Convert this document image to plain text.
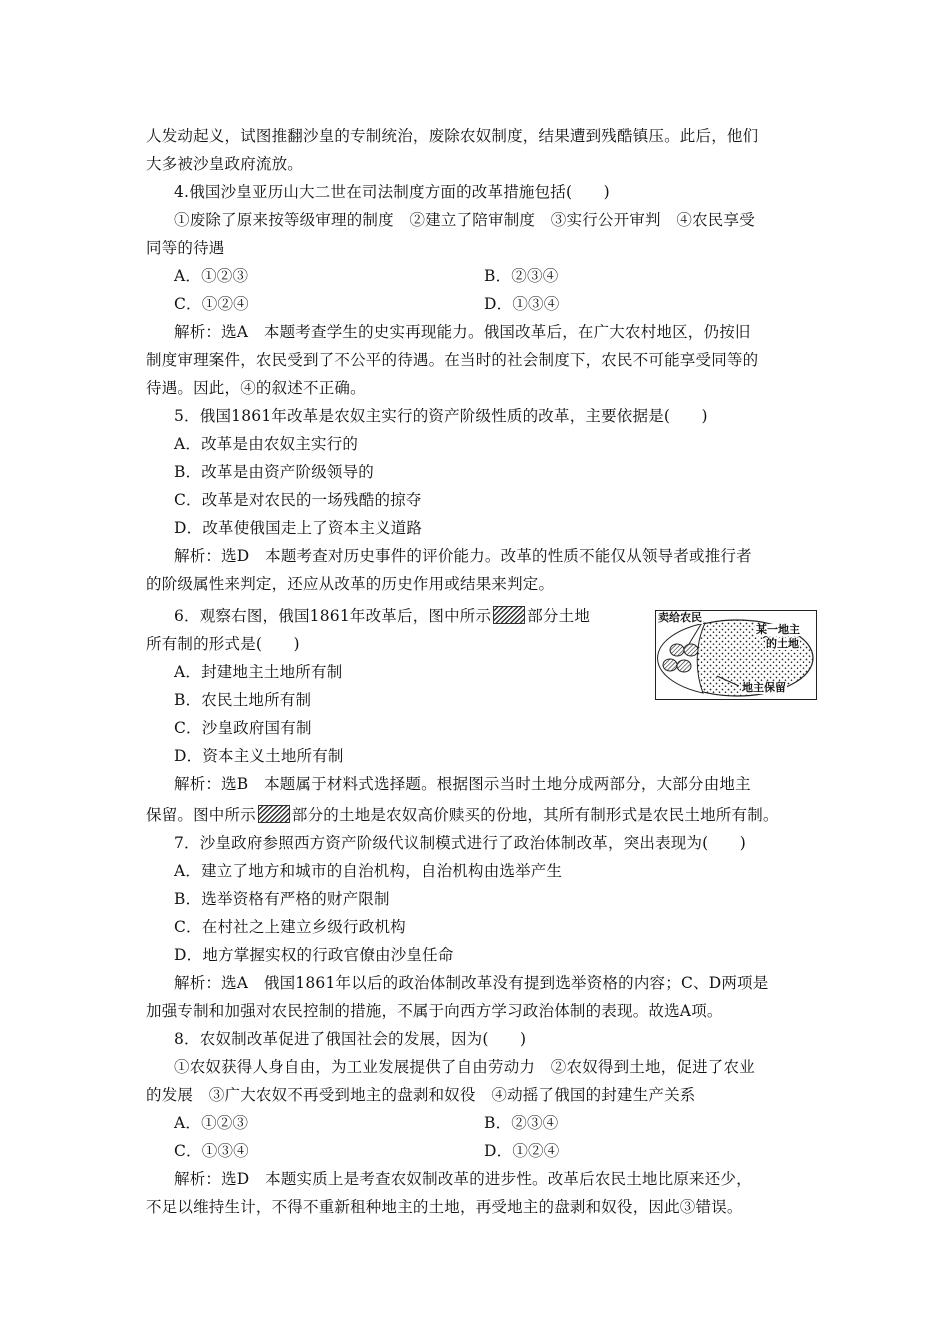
人发动起义，试图推翻沙皇的专制统治，废除农奴制度，结果遭到残酷镇压。此后，他们
大多被沙皇政府流放。
4.俄国沙皇亚历山大二世在司法制度方面的改革措施包括(　　)
①废除了原来按等级审理的制度　②建立了陪审制度　③实行公开审判　④农民享受
同等的待遇
A．①②③	B．②③④
C．①②④	D．①③④
解析：选A　本题考查学生的史实再现能力。俄国改革后，在广大农村地区，仍按旧
制度审理案件，农民受到了不公平的待遇。在当时的社会制度下，农民不可能享受同等的
待遇。因此，④的叙述不正确。
5．俄国1861年改革是农奴主实行的资产阶级性质的改革，主要依据是(　　)
A．改革是由农奴主实行的
B．改革是由资产阶级领导的
C．改革是对农民的一场残酷的掠夺
D．改革使俄国走上了资本主义道路
解析：选D　本题考查对历史事件的评价能力。改革的性质不能仅从领导者或推行者
的阶级属性来判定，还应从改革的历史作用或结果来判定。
6．观察右图，俄国1861年改革后，图中所示 部分土地
所有制的形式是(　　)
A．封建地主土地所有制
B．农民土地所有制
C．沙皇政府国有制
D．资本主义土地所有制
解析：选B　本题属于材料式选择题。根据图示当时土地分成两部分，大部分由地主
保留。图中所示 部分的土地是农奴高价赎买的份地，其所有制形式是农民土地所有制。
卖给农民
某一地主
的土地
地主保留
7．沙皇政府参照西方资产阶级代议制模式进行了政治体制改革，突出表现为(　　)
A．建立了地方和城市的自治机构，自治机构由选举产生
B．选举资格有严格的财产限制
C．在村社之上建立乡级行政机构
D．地方掌握实权的行政官僚由沙皇任命
解析：选A　俄国1861年以后的政治体制改革没有提到选举资格的内容；C、D两项是
加强专制和加强对农民控制的措施，不属于向西方学习政治体制的表现。故选A项。
8．农奴制改革促进了俄国社会的发展，因为(　　)
①农奴获得人身自由，为工业发展提供了自由劳动力　②农奴得到土地，促进了农业
的发展　③广大农奴不再受到地主的盘剥和奴役　④动摇了俄国的封建生产关系
A．①②③	B．②③④
C．①③④	D．①②④
解析：选D　本题实质上是考查农奴制改革的进步性。改革后农民土地比原来还少，
不足以维持生计，不得不重新租种地主的土地，再受地主的盘剥和奴役，因此③错误。
